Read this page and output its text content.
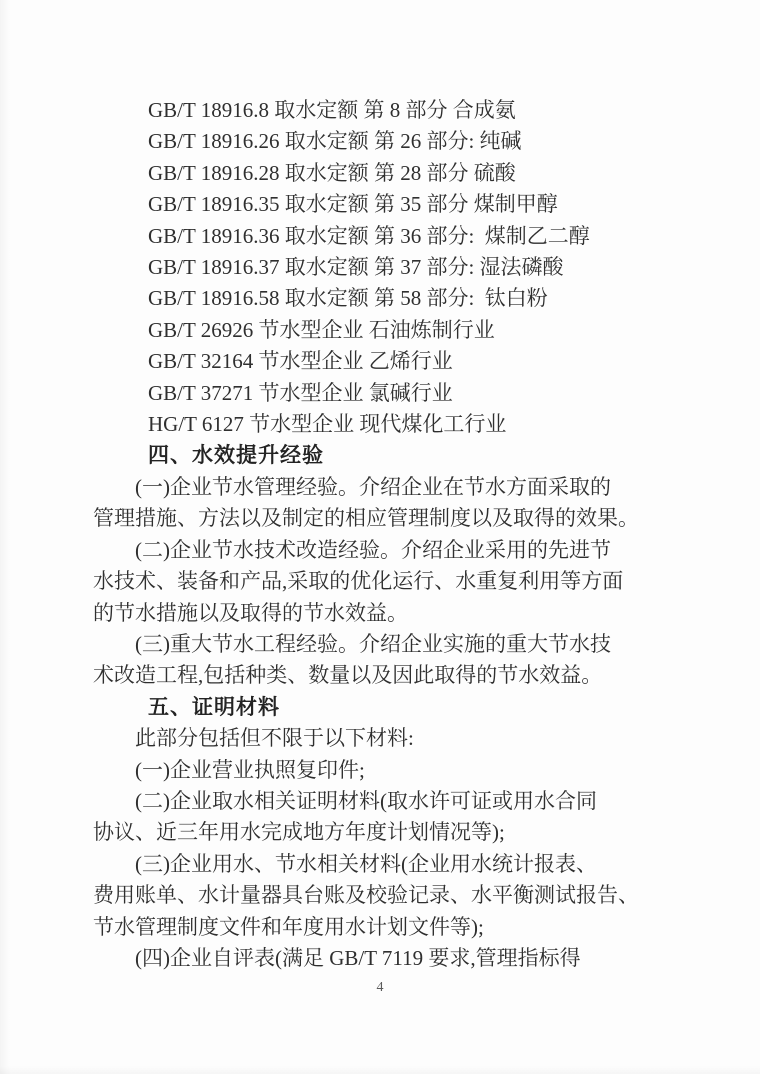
GB/T 18916.8 取水定额 第 8 部分 合成氨
GB/T 18916.26 取水定额 第 26 部分: 纯碱
GB/T 18916.28 取水定额 第 28 部分 硫酸
GB/T 18916.35 取水定额 第 35 部分 煤制甲醇
GB/T 18916.36 取水定额 第 36 部分:  煤制乙二醇
GB/T 18916.37 取水定额 第 37 部分: 湿法磷酸
GB/T 18916.58 取水定额 第 58 部分:  钛白粉
GB/T 26926 节水型企业 石油炼制行业
GB/T 32164 节水型企业 乙烯行业
GB/T 37271 节水型企业 氯碱行业
HG/T 6127 节水型企业 现代煤化工行业
四、水效提升经验
(一)企业节水管理经验。介绍企业在节水方面采取的
管理措施、方法以及制定的相应管理制度以及取得的效果。
(二)企业节水技术改造经验。介绍企业采用的先进节
水技术、装备和产品,采取的优化运行、水重复利用等方面
的节水措施以及取得的节水效益。
(三)重大节水工程经验。介绍企业实施的重大节水技
术改造工程,包括种类、数量以及因此取得的节水效益。
五、证明材料
此部分包括但不限于以下材料:
(一)企业营业执照复印件;
(二)企业取水相关证明材料(取水许可证或用水合同
协议、近三年用水完成地方年度计划情况等);
(三)企业用水、节水相关材料(企业用水统计报表、
费用账单、水计量器具台账及校验记录、水平衡测试报告、
节水管理制度文件和年度用水计划文件等);
(四)企业自评表(满足 GB/T 7119 要求,管理指标得
4
